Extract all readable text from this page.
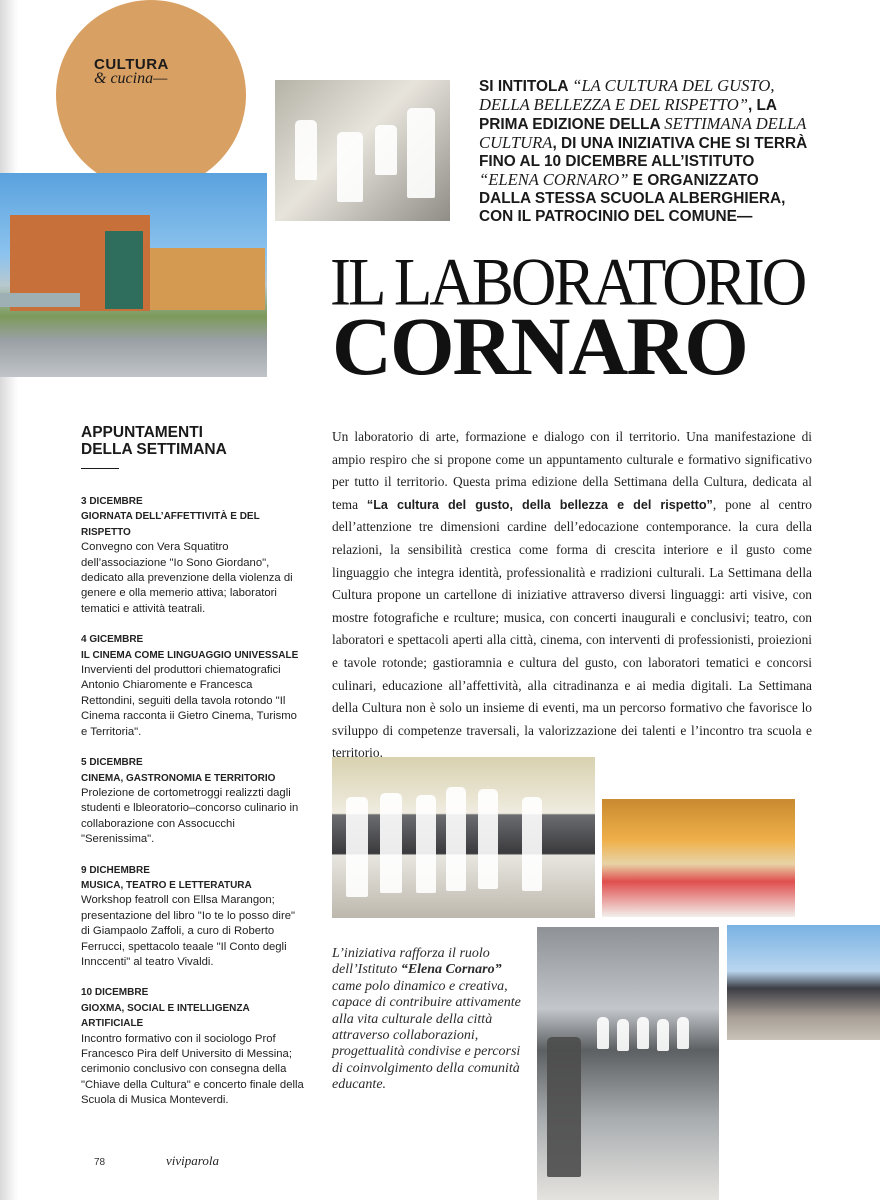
CULTURA
& cucina—	SI INTITOLA “LA CULTURA DEL GUSTO, DELLA BELLEZZA E DEL RISPETTO”, LA PRIMA EDIZIONE DELLA SETTIMANA DELLA CULTURA, DI UNA INIZIATIVA CHE SI TERRÀ FINO AL 10 DICEMBRE ALL’ISTITUTO “ELENA CORNARO” E ORGANIZZATO DALLA STESSA SCUOLA ALBERGHIERA, CON IL PATROCINIO DEL COMUNE—

IL LABORATORIO
CORNARO
APPUNTAMENTI
DELLA SETTIMANA
3 DICEMBRE
GIORNATA DELL’AFFETTIVITÀ E DEL RISPETTO
Convegno con Vera Squatitro dell’associazione "Io Sono Giordano", dedicato alla prevenzione della violenza di genere e olla memerio attiva; laboratori tematici e attività teatrali.
4 GICEMBRE
IL CINEMA COME LINGUAGGIO UNIVESSALE
Invervienti del produttori chiematografici Antonio Chiaromente e Francesca Rettondini, seguiti della tavola rotondo "Il Cinema racconta ii Gietro Cinema, Turismo e Territoria".
5 DICEMBRE
CINEMA, GASTRONOMIA E TERRITORIO
Prolezione de cortometroggi realizzti dagli studenti e lbleoratorio–concorso culinario in collaborazione con Assocucchi "Serenissima".
9 DICHEMBRE
MUSICA, TEATRO E LETTERATURA
Workshop featroll con Ellsa Marangon; presentazione del libro "Io te lo posso dire" di Giampaolo Zaffoli, a curo di Roberto Ferrucci, spettacolo teaale "Il Conto degli Innccenti" al teatro Vivaldi.
10 DICEMBRE
GIOXMA, SOCIAL E INTELLIGENZA ARTIFICIALE
Incontro formativo con il sociologo Prof Francesco Pira delf Universito di Messina; cerimonio conclusivo con consegna della "Chiave della Cultura" e concerto finale della Scuola di Musica Monteverdi.

Un laboratorio di arte, formazione e dialogo con il territorio. Una manifestazione di ampio respiro che si propone come un appuntamento culturale e formativo significativo per tutto il territorio. Questa prima edizione della Settimana della Cultura, dedicata al tema “La cultura del gusto, della bellezza e del rispetto”, pone al centro dell’attenzione tre dimensioni cardine dell’edocazione contemporance. la cura della relazioni, la sensibilità crestica come forma di crescita interiore e il gusto come linguaggio che integra identità, professionalità e rradizioni culturali. La Settimana della Cultura propone un cartellone di iniziative attraverso diversi linguaggi: arti visive, con mostre fotografiche e rculture; musica, con concerti inaugurali e conclusivi; teatro, con laboratori e spettacoli aperti alla città, cinema, con interventi di professionisti, proiezioni e tavole rotonde; gastioramnia e cultura del gusto, con laboratori tematici e concorsi culinari, educazione all’affettività, alla citradinanza e ai media digitali. La Settimana della Cultura non è solo un insieme di eventi, ma un percorso formativo che favorisce lo sviluppo di competenze traversali, la valorizzazione dei talenti e l’incontro tra scuola e territorio.

L’iniziativa rafforza il ruolo dell’Istituto “Elena Cornaro” came polo dinamico e creativa, capace di contribuire attivamente alla vita culturale della città attraverso collaborazioni, progettualità condivise e percorsi di coinvolgimento della comunità educante.

78	viviparola
